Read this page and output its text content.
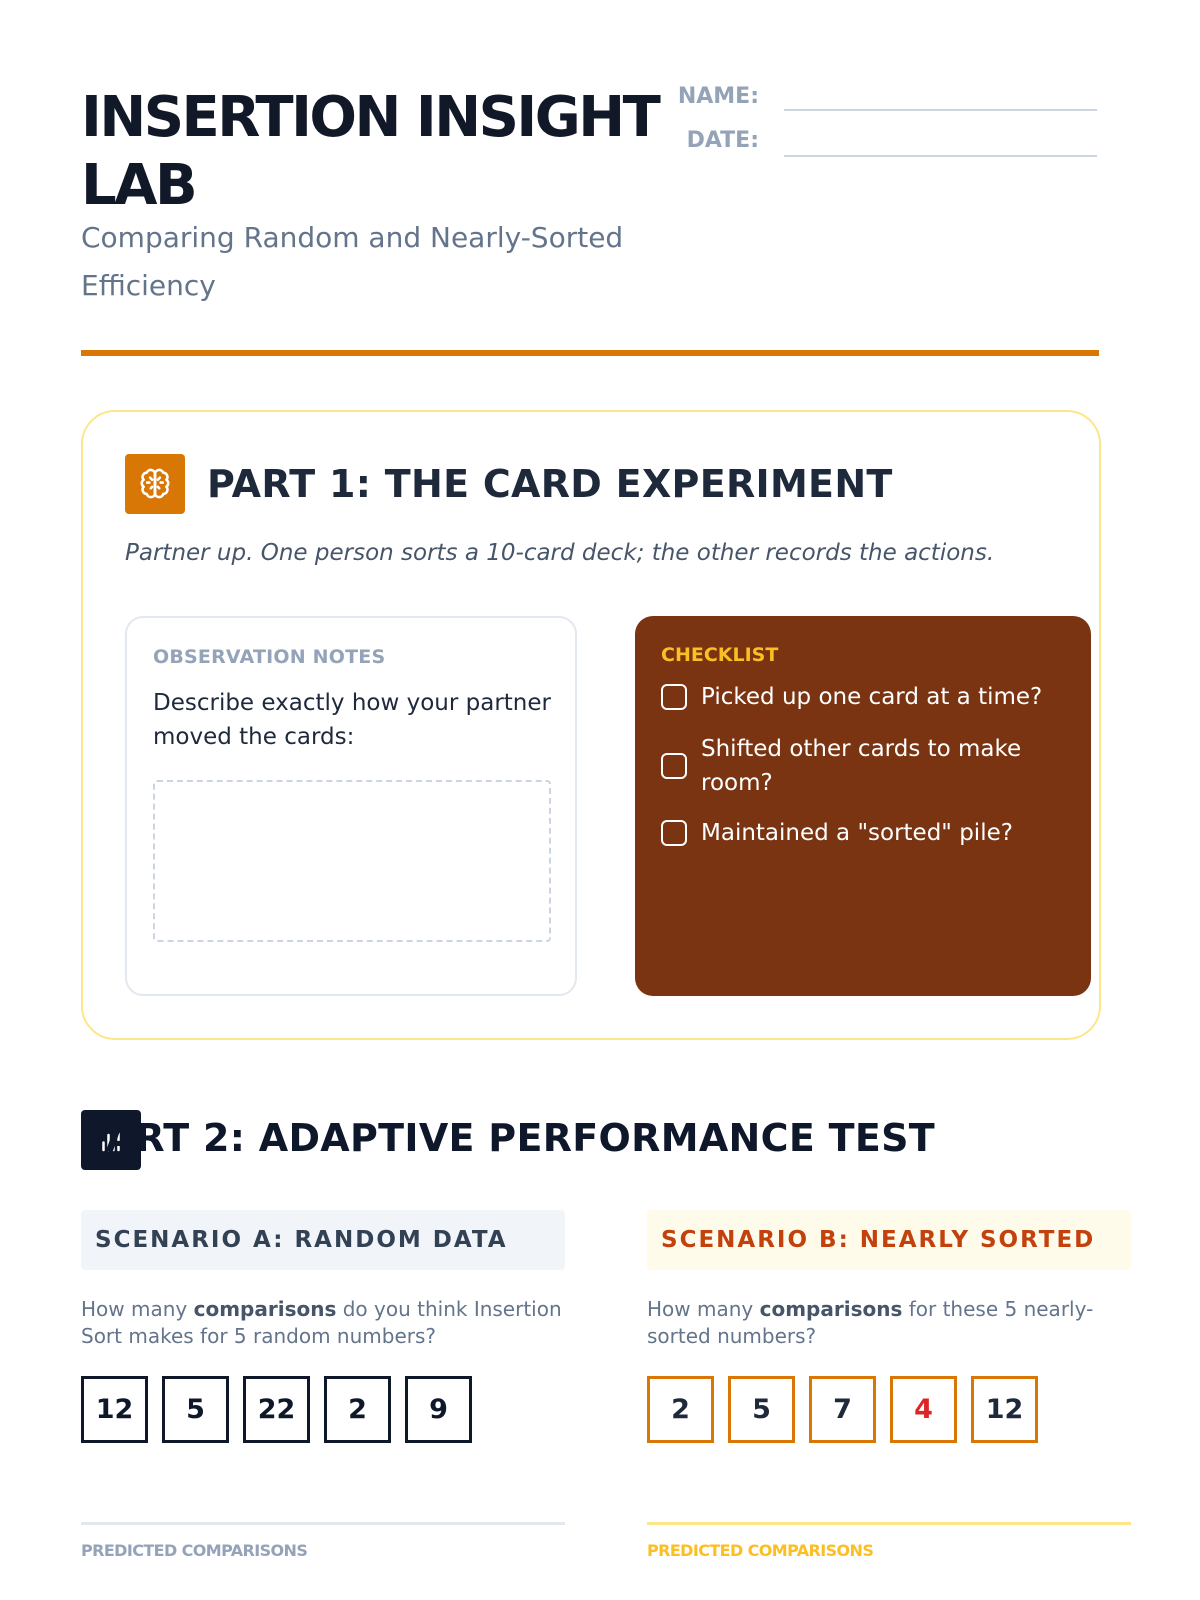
INSERTION INSIGHT
LAB
Comparing Random and Nearly-Sorted Efficiency
NAME:
DATE:
PART 1: THE CARD EXPERIMENT
Partner up. One person sorts a 10-card deck; the other records the actions.
OBSERVATION NOTES
Describe exactly how your partner moved the cards:
CHECKLIST
Picked up one card at a time?
Shifted other cards to make room?
Maintained a "sorted" pile?
PART 2: ADAPTIVE PERFORMANCE TEST
SCENARIO A: RANDOM DATA
How many comparisons do you think Insertion Sort makes for 5 random numbers?
12	5	22	2	9
PREDICTED COMPARISONS
SCENARIO B: NEARLY SORTED
How many comparisons for these 5 nearly-sorted numbers?
2	5	7	4	12
PREDICTED COMPARISONS
